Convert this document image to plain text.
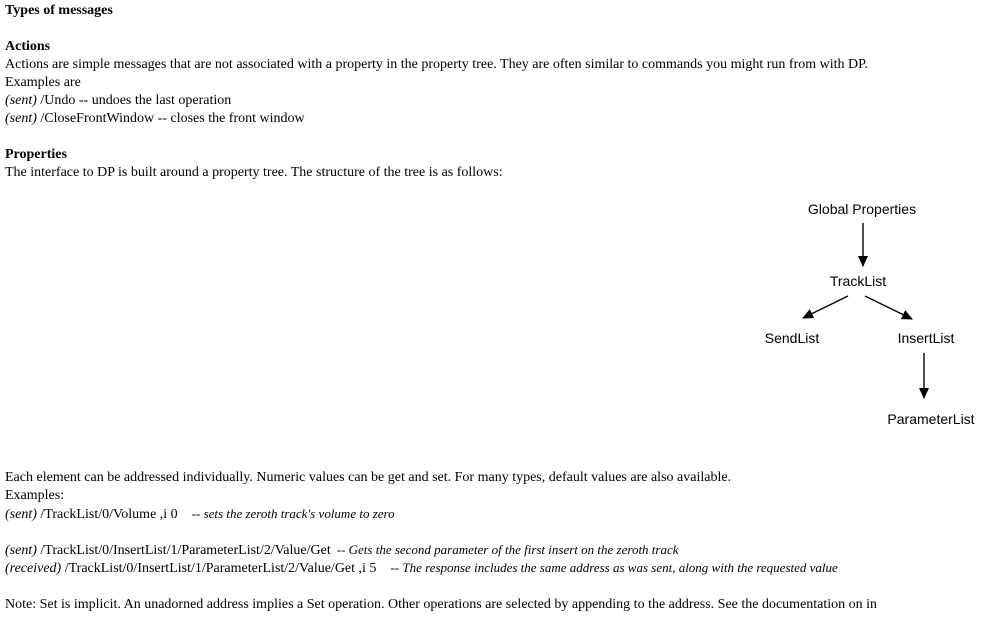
Types of messages
Actions
Actions are simple messages that are not associated with a property in the property tree. They are often similar to commands you might run from with DP.
Examples are
(sent) /Undo -- undoes the last operation
(sent) /CloseFrontWindow -- closes the front window
Properties
The interface to DP is built around a property tree. The structure of the tree is as follows:
Global Properties
TrackList
SendList	InsertList
ParameterList
Each element can be addressed individually. Numeric values can be get and set. For many types, default values are also available.
Examples:
(sent) /TrackList/0/Volume ,i 0 -- sets the zeroth track's volume to zero
(sent) /TrackList/0/InsertList/1/ParameterList/2/Value/Get -- Gets the second parameter of the first insert on the zeroth track
(received) /TrackList/0/InsertList/1/ParameterList/2/Value/Get ,i 5 -- The response includes the same address as was sent, along with the requested value
Note: Set is implicit. An unadorned address implies a Set operation. Other operations are selected by appending to the address. See the documentation on in
